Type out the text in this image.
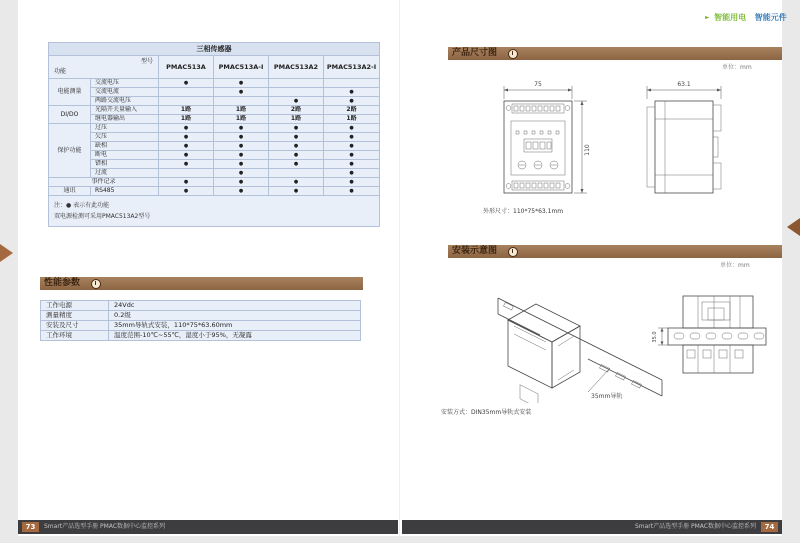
► 智能用电 智能元件
三相传感器					

型号
功能		PMAC513A	PMAC513A-I	PMAC513A2	PMAC513A2-I
电能测量	交流电压	●	●		
	交流电流		●		●
	两路交流电压			●	●
DI/DO	光隔开关量输入	1路	1路	2路	2路
	继电器输出	1路	1路	1路	1路
保护功能	过压	●	●	●	●
	欠压	●	●	●	●
	缺相	●	●	●	●
	断电	●	●	●	●
	错相	●	●	●	●
	过流		●		●
事件记录		●	●	●	●
通讯	RS485	●	●	●	●

注：● 表示有此功能
双电源检测可采用PMAC513A2型号					
性能参数
工作电源	24Vdc
测量精度	0.2级
安装及尺寸	35mm导轨式安装，110*75*63.60mm
工作环境	温度范围-10℃~55℃，湿度小于95%，无凝露
产品尺寸图
单位：mm
75
110
63.1
外形尺寸：110*75*63.1mm
安装示意图
单位：mm
35mm导轨
35.0
安装方式：DIN35mm导轨式安装
73	Smart产品选型手册 PMAC数据中心监控系列	Smart产品选型手册 PMAC数据中心监控系列	74
